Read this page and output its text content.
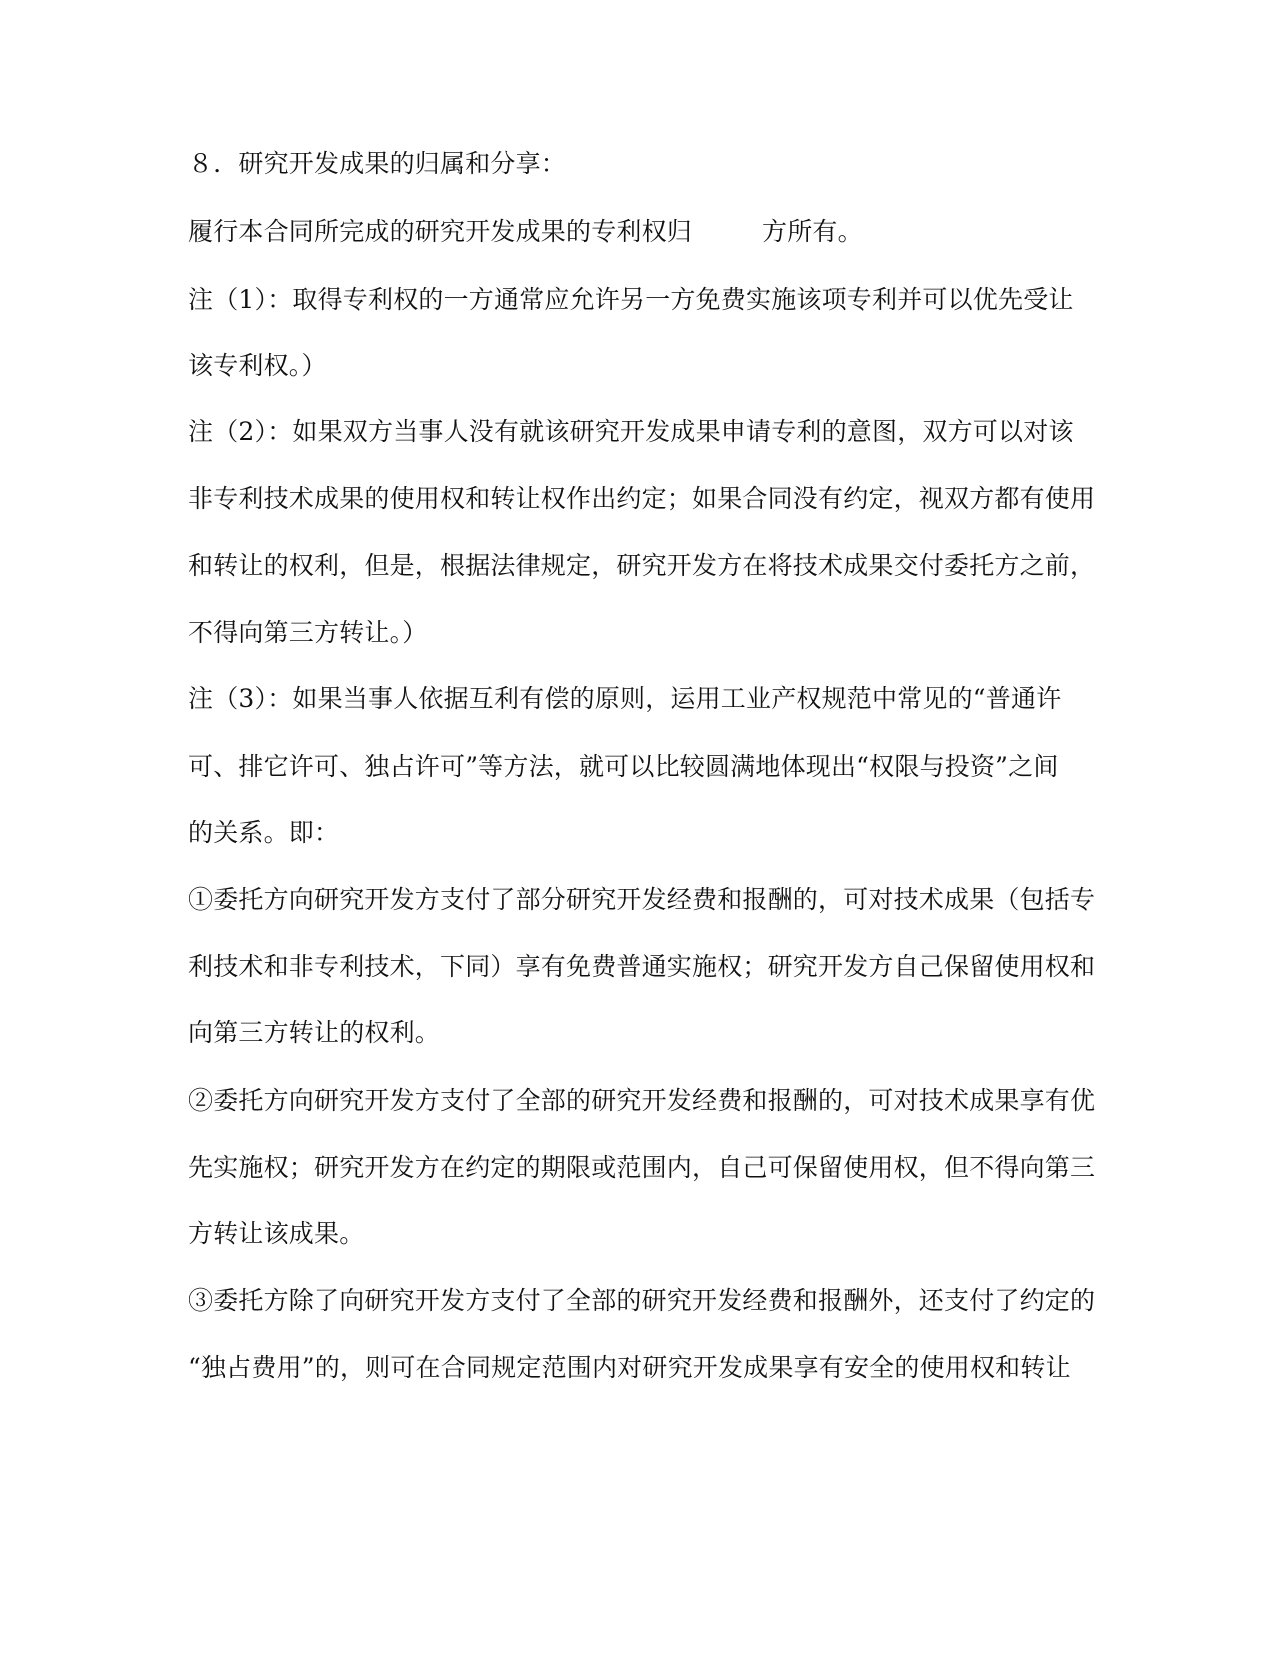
８．研究开发成果的归属和分享：
履行本合同所完成的研究开发成果的专利权归	方所有。
注（1）：取得专利权的一方通常应允许另一方免费实施该项专利并可以优先受让
该专利权。）
注（2）：如果双方当事人没有就该研究开发成果申请专利的意图，双方可以对该
非专利技术成果的使用权和转让权作出约定；如果合同没有约定，视双方都有使用
和转让的权利，但是，根据法律规定，研究开发方在将技术成果交付委托方之前，
不得向第三方转让。）
注（3）：如果当事人依据互利有偿的原则，运用工业产权规范中常见的“普通许
可、排它许可、独占许可”等方法，就可以比较圆满地体现出“权限与投资”之间
的关系。即：
①委托方向研究开发方支付了部分研究开发经费和报酬的，可对技术成果（包括专
利技术和非专利技术，下同）享有免费普通实施权；研究开发方自己保留使用权和
向第三方转让的权利。
②委托方向研究开发方支付了全部的研究开发经费和报酬的，可对技术成果享有优
先实施权；研究开发方在约定的期限或范围内，自己可保留使用权，但不得向第三
方转让该成果。
③委托方除了向研究开发方支付了全部的研究开发经费和报酬外，还支付了约定的
“独占费用”的，则可在合同规定范围内对研究开发成果享有安全的使用权和转让
